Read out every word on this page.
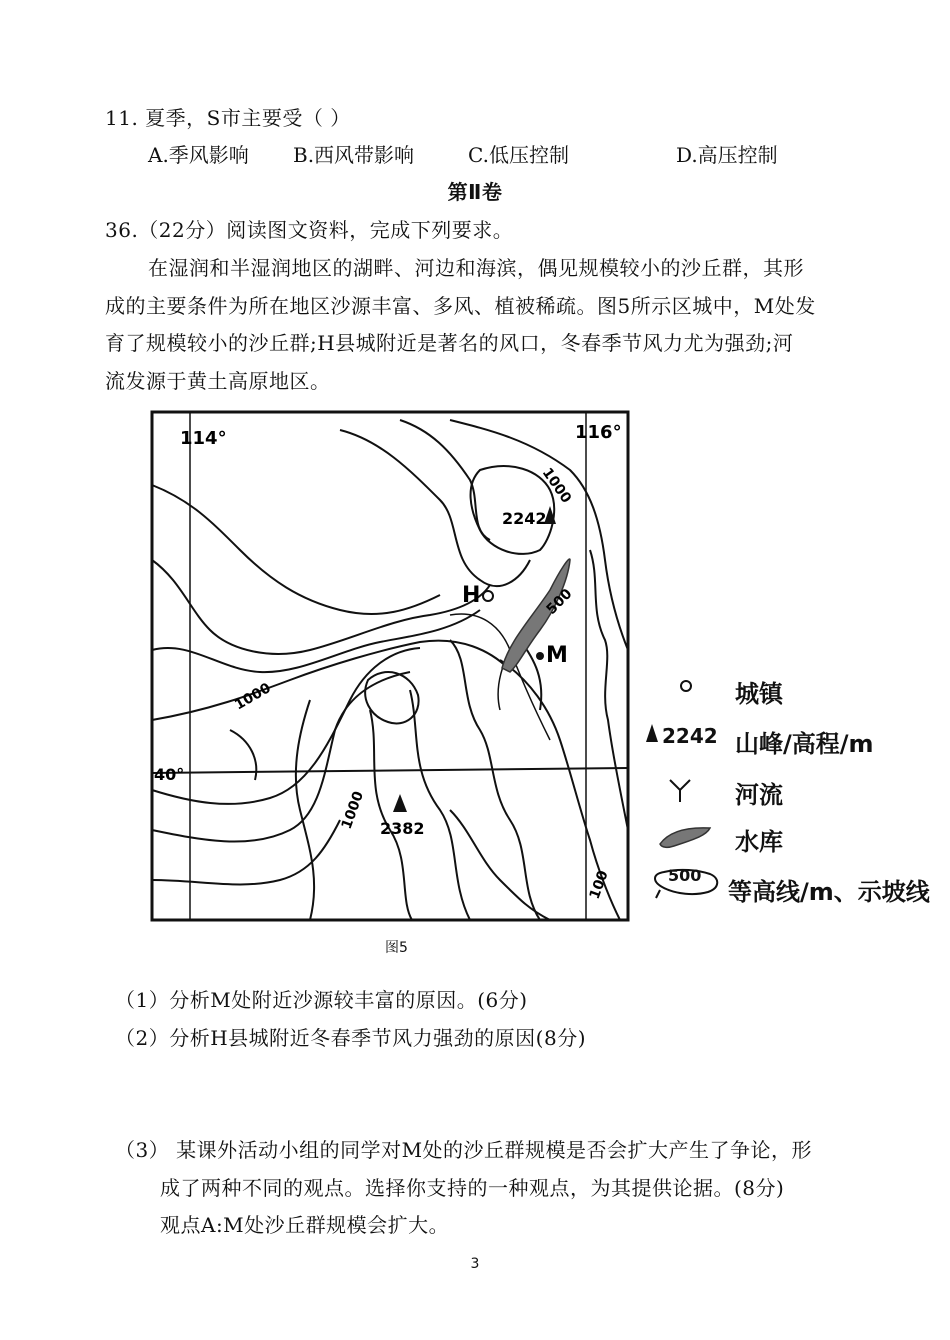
11. 夏季，S市主要受（ ）
A.季风影响 B.西风带影响	C.低压控制	D.高压控制
第Ⅱ卷
36.（22分）阅读图文资料，完成下列要求。
在湿润和半湿润地区的湖畔、河边和海滨，偶见规模较小的沙丘群，其形
成的主要条件为所在地区沙源丰富、多风、植被稀疏。图5所示区城中，M处发
育了规模较小的沙丘群;H县城附近是著名的风口，冬春季节风力尤为强劲;河
流发源于黄土高原地区。
114°	116°
40°
H
M
2242
2382
1000
500
1000
1000
100
城镇
2242 山峰/高程/m
河流
水库
500
等高线/m、示坡线
图5
（1）分析M处附近沙源较丰富的原因。(6分)
（2）分析H县城附近冬春季节风力强劲的原因(8分)
（3） 某课外活动小组的同学对M处的沙丘群规模是否会扩大产生了争论，形
成了两种不同的观点。选择你支持的一种观点，为其提供论据。(8分)
观点A:M处沙丘群规模会扩大。
3
